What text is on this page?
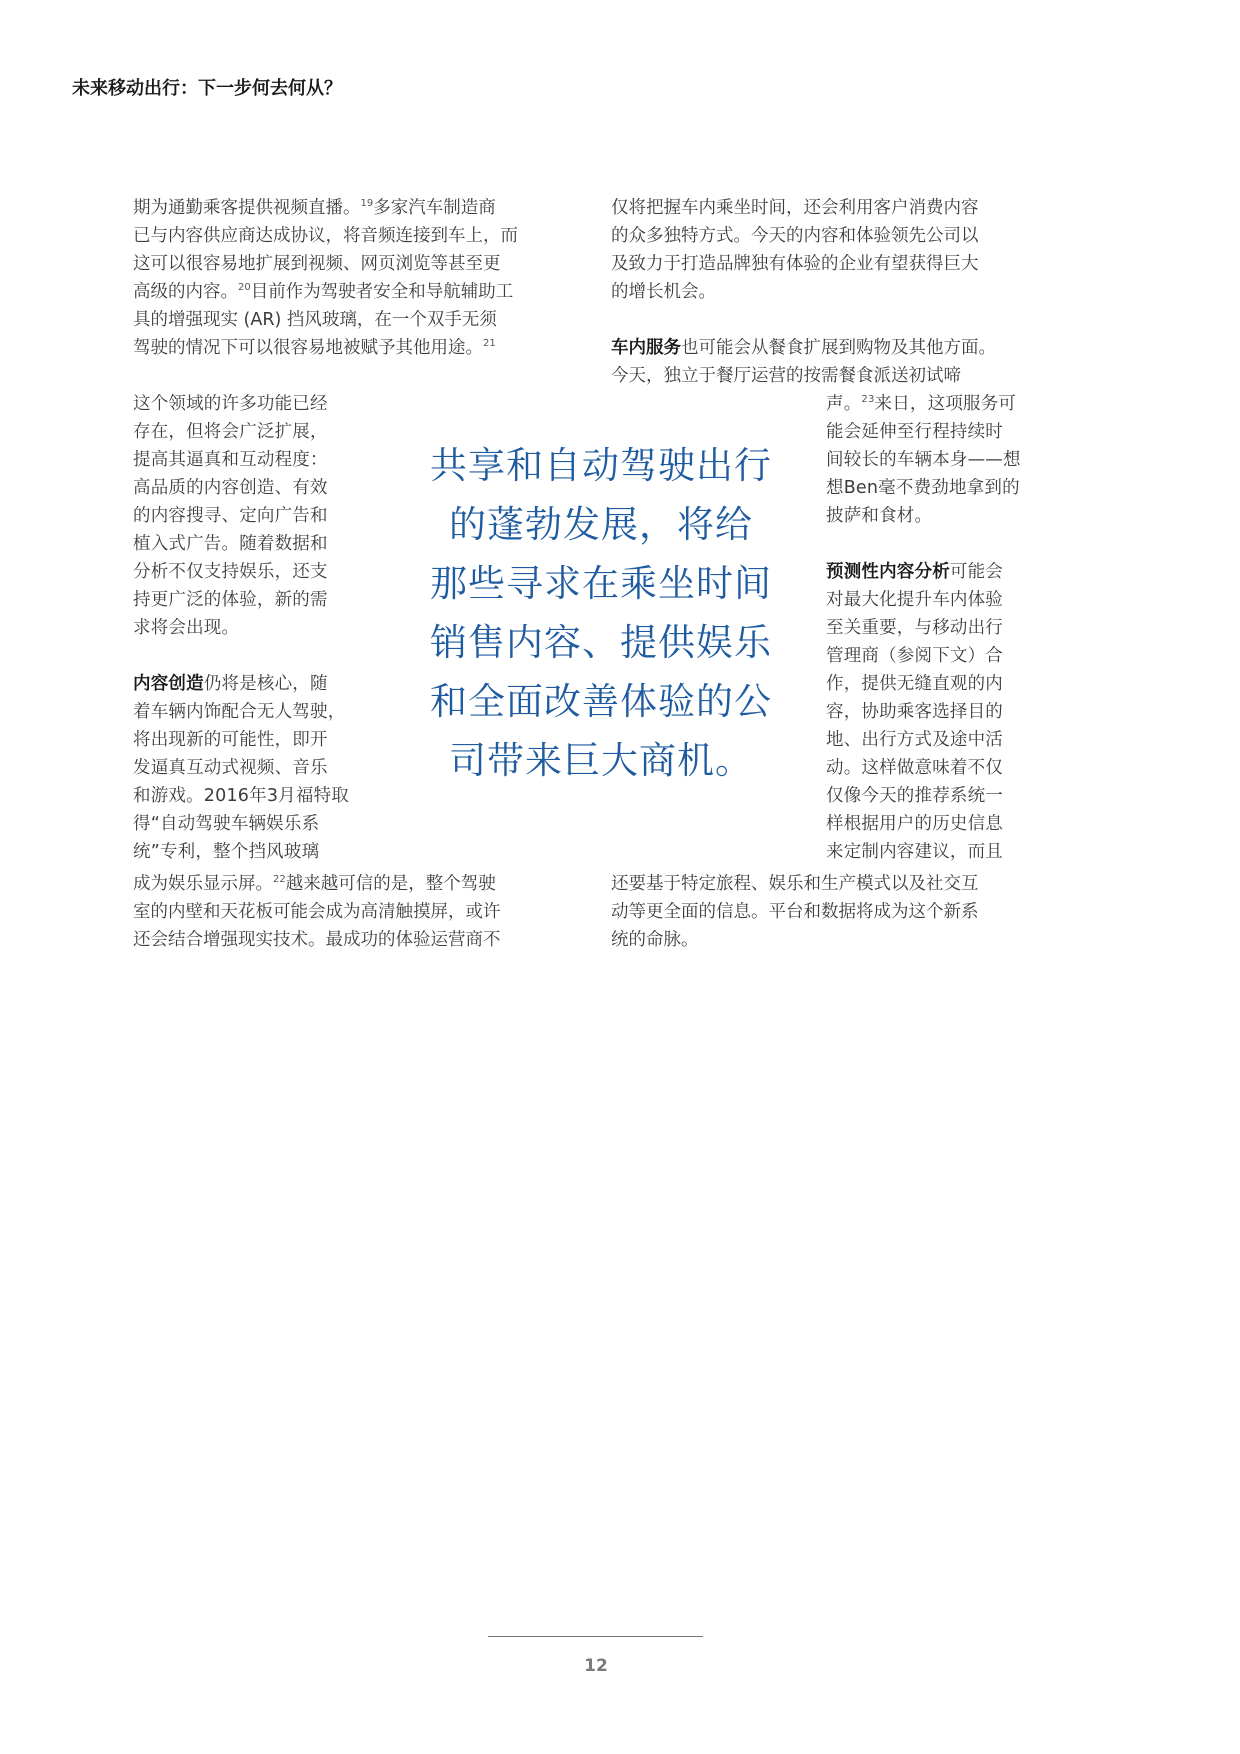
未来移动出行：下一步何去何从？

期为通勤乘客提供视频直播。$^{19}$多家汽车制造商

已与内容供应商达成协议，将音频连接到车上，而

这可以很容易地扩展到视频、网页浏览等甚至更

高级的内容。$^{20}$目前作为驾驶者安全和导航辅助工

具的增强现实 (AR) 挡风玻璃，在一个双手无须

驾驶的情况下可以很容易地被赋予其他用途。$^{21}$

这个领域的许多功能已经

存在，但将会广泛扩展，

提高其逼真和互动程度：

高品质的内容创造、有效

的内容搜寻、定向广告和

植入式广告。随着数据和

分析不仅支持娱乐，还支

持更广泛的体验，新的需

求将会出现。

内容创造仍将是核心，随

着车辆内饰配合无人驾驶，

将出现新的可能性，即开

发逼真互动式视频、音乐

和游戏。2016年3月福特取

得“自动驾驶车辆娱乐系

统”专利，整个挡风玻璃

成为娱乐显示屏。$^{22}$越来越可信的是，整个驾驶

室的内壁和天花板可能会成为高清触摸屏，或许

还会结合增强现实技术。最成功的体验运营商不

仅将把握车内乘坐时间，还会利用客户消费内容

的众多独特方式。今天的内容和体验领先公司以

及致力于打造品牌独有体验的企业有望获得巨大

的增长机会。

车内服务也可能会从餐食扩展到购物及其他方面。

今天，独立于餐厅运营的按需餐食派送初试啼

声。$^{23}$来日，这项服务可

能会延伸至行程持续时

间较长的车辆本身——想

想Ben毫不费劲地拿到的

披萨和食材。

预测性内容分析可能会

对最大化提升车内体验

至关重要，与移动出行

管理商（参阅下文）合

作，提供无缝直观的内

容，协助乘客选择目的

地、出行方式及途中活

动。这样做意味着不仅

仅像今天的推荐系统一

样根据用户的历史信息

来定制内容建议，而且

还要基于特定旅程、娱乐和生产模式以及社交互

动等更全面的信息。平台和数据将成为这个新系

统的命脉。

共享和自动驾驶出行
的蓬勃发展，将给
那些寻求在乘坐时间
销售内容、提供娱乐
和全面改善体验的公
司带来巨大商机。
12
